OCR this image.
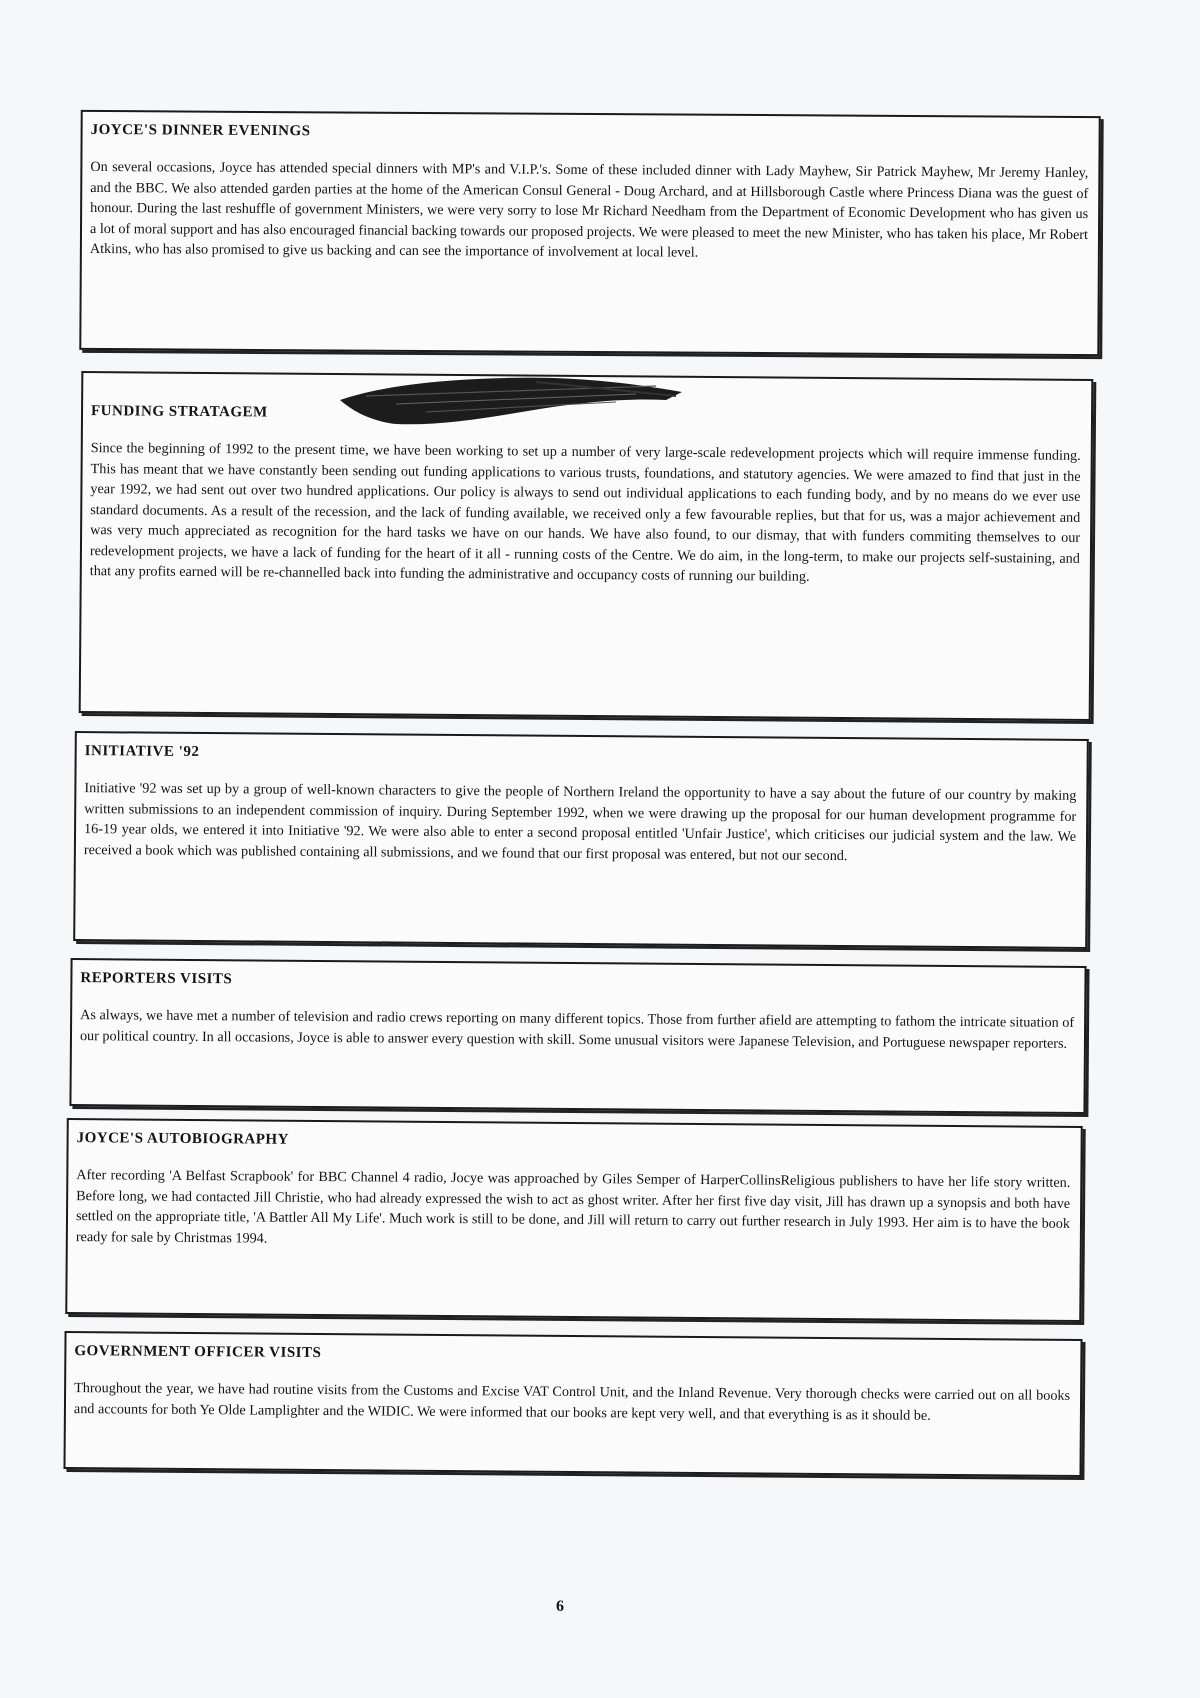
JOYCE'S DINNER EVENINGS

On several occasions, Joyce has attended special dinners with MP's and V.I.P.'s. Some of these included dinner with Lady Mayhew, Sir Patrick Mayhew, Mr Jeremy Hanley, and the BBC. We also attended garden parties at the home of the American Consul General - Doug Archard, and at Hillsborough Castle where Princess Diana was the guest of honour. During the last reshuffle of government Ministers, we were very sorry to lose Mr Richard Needham from the Department of Economic Development who has given us a lot of moral support and has also encouraged financial backing towards our proposed projects. We were pleased to meet the new Minister, who has taken his place, Mr Robert Atkins, who has also promised to give us backing and can see the importance of involvement at local level.

FUNDING STRATAGEM

Since the beginning of 1992 to the present time, we have been working to set up a number of very large-scale redevelopment projects which will require immense funding. This has meant that we have constantly been sending out funding applications to various trusts, foundations, and statutory agencies. We were amazed to find that just in the year 1992, we had sent out over two hundred applications. Our policy is always to send out individual applications to each funding body, and by no means do we ever use standard documents. As a result of the recession, and the lack of funding available, we received only a few favourable replies, but that for us, was a major achievement and was very much appreciated as recognition for the hard tasks we have on our hands. We have also found, to our dismay, that with funders commiting themselves to our redevelopment projects, we have a lack of funding for the heart of it all - running costs of the Centre. We do aim, in the long-term, to make our projects self-sustaining, and that any profits earned will be re-channelled back into funding the administrative and occupancy costs of running our building.

INITIATIVE '92

Initiative '92 was set up by a group of well-known characters to give the people of Northern Ireland the opportunity to have a say about the future of our country by making written submissions to an independent commission of inquiry. During September 1992, when we were drawing up the proposal for our human development programme for 16-19 year olds, we entered it into Initiative '92. We were also able to enter a second proposal entitled 'Unfair Justice', which criticises our judicial system and the law. We received a book which was published containing all submissions, and we found that our first proposal was entered, but not our second.

REPORTERS VISITS

As always, we have met a number of television and radio crews reporting on many different topics. Those from further afield are attempting to fathom the intricate situation of our political country. In all occasions, Joyce is able to answer every question with skill. Some unusual visitors were Japanese Television, and Portuguese newspaper reporters.

JOYCE'S AUTOBIOGRAPHY

After recording 'A Belfast Scrapbook' for BBC Channel 4 radio, Jocye was approached by Giles Semper of HarperCollinsReligious publishers to have her life story written. Before long, we had contacted Jill Christie, who had already expressed the wish to act as ghost writer. After her first five day visit, Jill has drawn up a synopsis and both have settled on the appropriate title, 'A Battler All My Life'. Much work is still to be done, and Jill will return to carry out further research in July 1993. Her aim is to have the book ready for sale by Christmas 1994.

GOVERNMENT OFFICER VISITS

Throughout the year, we have had routine visits from the Customs and Excise VAT Control Unit, and the Inland Revenue. Very thorough checks were carried out on all books and accounts for both Ye Olde Lamplighter and the WIDIC. We were informed that our books are kept very well, and that everything is as it should be.

6
